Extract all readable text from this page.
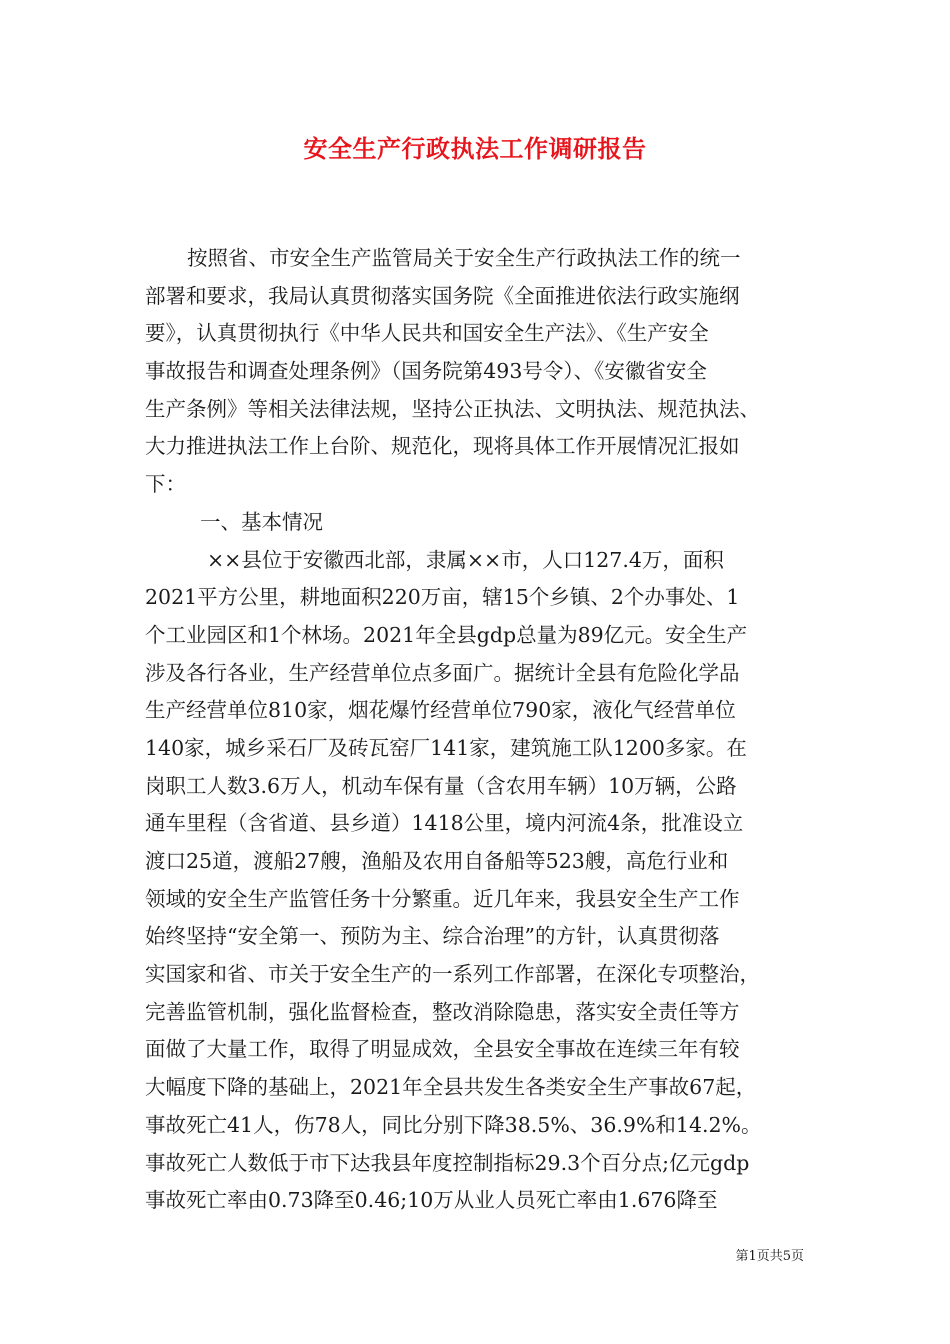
安全生产行政执法工作调研报告
按照省、市安全生产监管局关于安全生产行政执法工作的统一
部署和要求，我局认真贯彻落实国务院《全面推进依法行政实施纲
要》，认真贯彻执行《中华人民共和国安全生产法》、《生产安全
事故报告和调查处理条例》（国务院第493号令）、《安徽省安全
生产条例》等相关法律法规，坚持公正执法、文明执法、规范执法、
大力推进执法工作上台阶、规范化，现将具体工作开展情况汇报如
下：
一、基本情况
××县位于安徽西北部，隶属××市，人口127.4万，面积
2021平方公里，耕地面积220万亩，辖15个乡镇、2个办事处、1
个工业园区和1个林场。2021年全县gdp总量为89亿元。安全生产
涉及各行各业，生产经营单位点多面广。据统计全县有危险化学品
生产经营单位810家，烟花爆竹经营单位790家，液化气经营单位
140家，城乡采石厂及砖瓦窑厂141家，建筑施工队1200多家。在
岗职工人数3.6万人，机动车保有量（含农用车辆）10万辆，公路
通车里程（含省道、县乡道）1418公里，境内河流4条，批准设立
渡口25道，渡船27艘，渔船及农用自备船等523艘，高危行业和
领域的安全生产监管任务十分繁重。近几年来，我县安全生产工作
始终坚持“安全第一、预防为主、综合治理”的方针，认真贯彻落
实国家和省、市关于安全生产的一系列工作部署，在深化专项整治，
完善监管机制，强化监督检查，整改消除隐患，落实安全责任等方
面做了大量工作，取得了明显成效，全县安全事故在连续三年有较
大幅度下降的基础上，2021年全县共发生各类安全生产事故67起，
事故死亡41人，伤78人，同比分别下降38.5%、36.9%和14.2%。
事故死亡人数低于市下达我县年度控制指标29.3个百分点;亿元gdp
事故死亡率由0.73降至0.46;10万从业人员死亡率由1.676降至
第1页共5页
